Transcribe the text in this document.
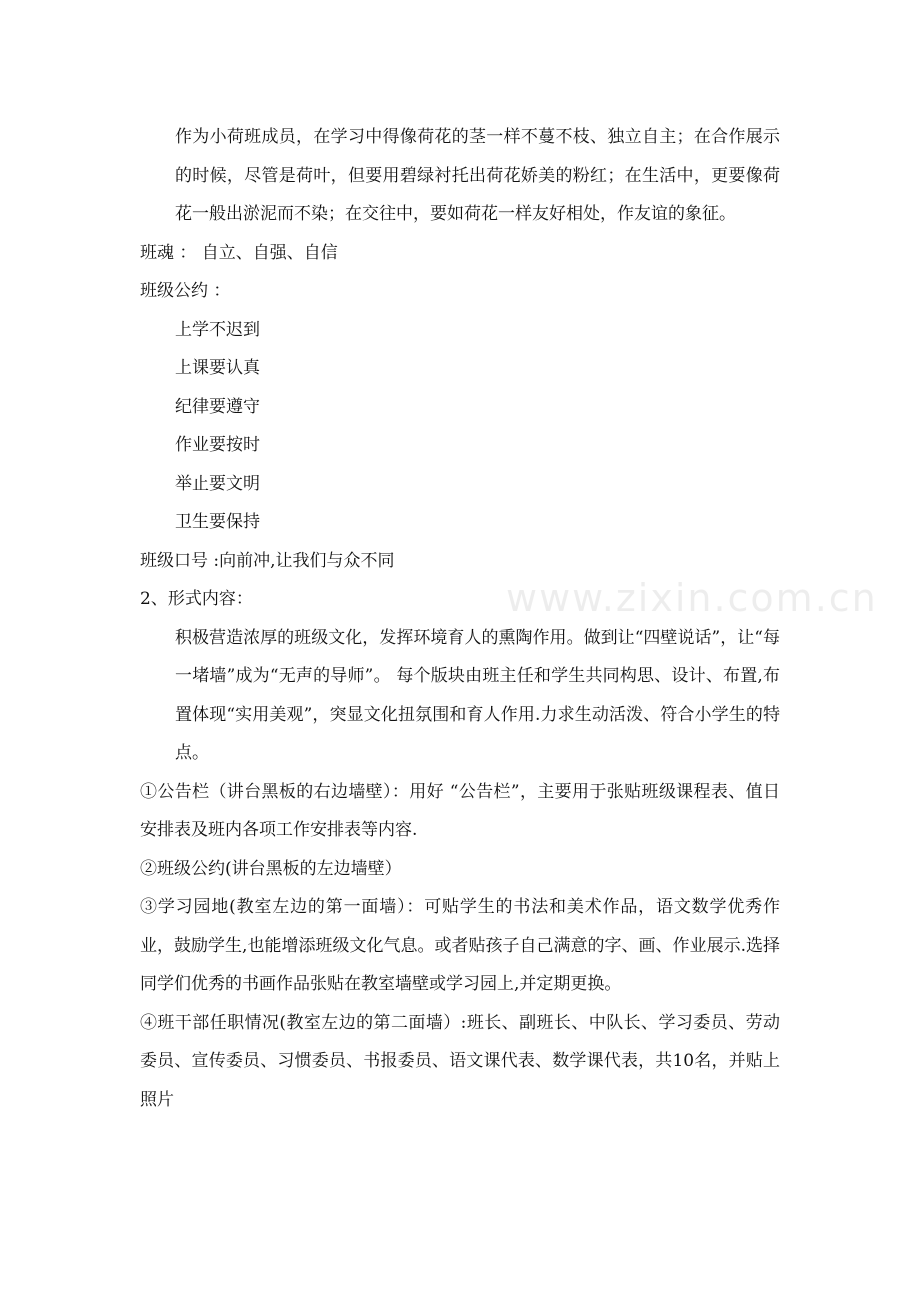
www.zixin.com.cn

作为小荷班成员，在学习中得像荷花的茎一样不蔓不枝、独立自主；在合作展示的时候，尽管是荷叶，但要用碧绿衬托出荷花娇美的粉红；在生活中，更要像荷花一般出淤泥而不染；在交往中，要如荷花一样友好相处，作友谊的象征。

班魂 ： 自立、自强、自信
班级公约 ：
上学不迟到
上课要认真
纪律要遵守
作业要按时
举止要文明
卫生要保持
班级口号 :向前冲,让我们与众不同
2、形式内容：

积极营造浓厚的班级文化，发挥环境育人的熏陶作用。做到让“四壁说话”，让“每一堵墙”成为“无声的导师”。 每个版块由班主任和学生共同构思、设计、布置,布置体现“实用美观”，突显文化扭氛围和育人作用.力求生动活泼、符合小学生的特点。

①公告栏（讲台黑板的右边墙壁）：用好 “公告栏”，主要用于张贴班级课程表、值日安排表及班内各项工作安排表等内容.

②班级公约(讲台黑板的左边墙壁）

③学习园地(教室左边的第一面墙）：可贴学生的书法和美术作品，语文数学优秀作业，鼓励学生,也能增添班级文化气息。或者贴孩子自己满意的字、画、作业展示.选择同学们优秀的书画作品张贴在教室墙壁或学习园上,并定期更换。

④班干部任职情况(教室左边的第二面墙）:班长、副班长、中队长、学习委员、劳动委员、宣传委员、习惯委员、书报委员、语文课代表、数学课代表，共10名，并贴上照片
